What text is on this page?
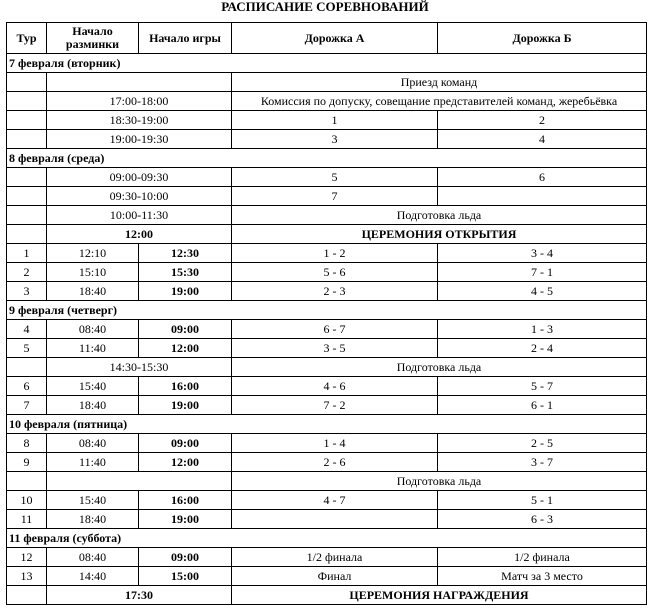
РАСПИСАНИЕ СОРЕВНОВАНИЙ
Тур	Начало разминки	Начало игры	Дорожка А	Дорожка Б
7 февраля (вторник)				
			Приезд команд	
	17:00-18:00		Комиссия по допуску, совещание представителей команд, жеребьёвка	
	18:30-19:00		1	2
	19:00-19:30		3	4
8 февраля (среда)				
	09:00-09:30		5	6
	09:30-10:00		7	
	10:00-11:30		Подготовка льда	
	12:00		ЦЕРЕМОНИЯ ОТКРЫТИЯ	
1	12:10	12:30	1 - 2	3 - 4
2	15:10	15:30	5 - 6	7 - 1
3	18:40	19:00	2 - 3	4 - 5
9 февраля (четверг)				
4	08:40	09:00	6 - 7	1 - 3
5	11:40	12:00	3 - 5	2 - 4
	14:30-15:30		Подготовка льда	
6	15:40	16:00	4 - 6	5 - 7
7	18:40	19:00	7 - 2	6 - 1
10 февраля (пятница)				
8	08:40	09:00	1 - 4	2 - 5
9	11:40	12:00	2 - 6	3 - 7
			Подготовка льда	
10	15:40	16:00	4 - 7	5 - 1
11	18:40	19:00		6 - 3
11 февраля (суббота)				
12	08:40	09:00	1/2 финала	1/2 финала
13	14:40	15:00	Финал	Матч за 3 место
	17:30		ЦЕРЕМОНИЯ НАГРАЖДЕНИЯ	
